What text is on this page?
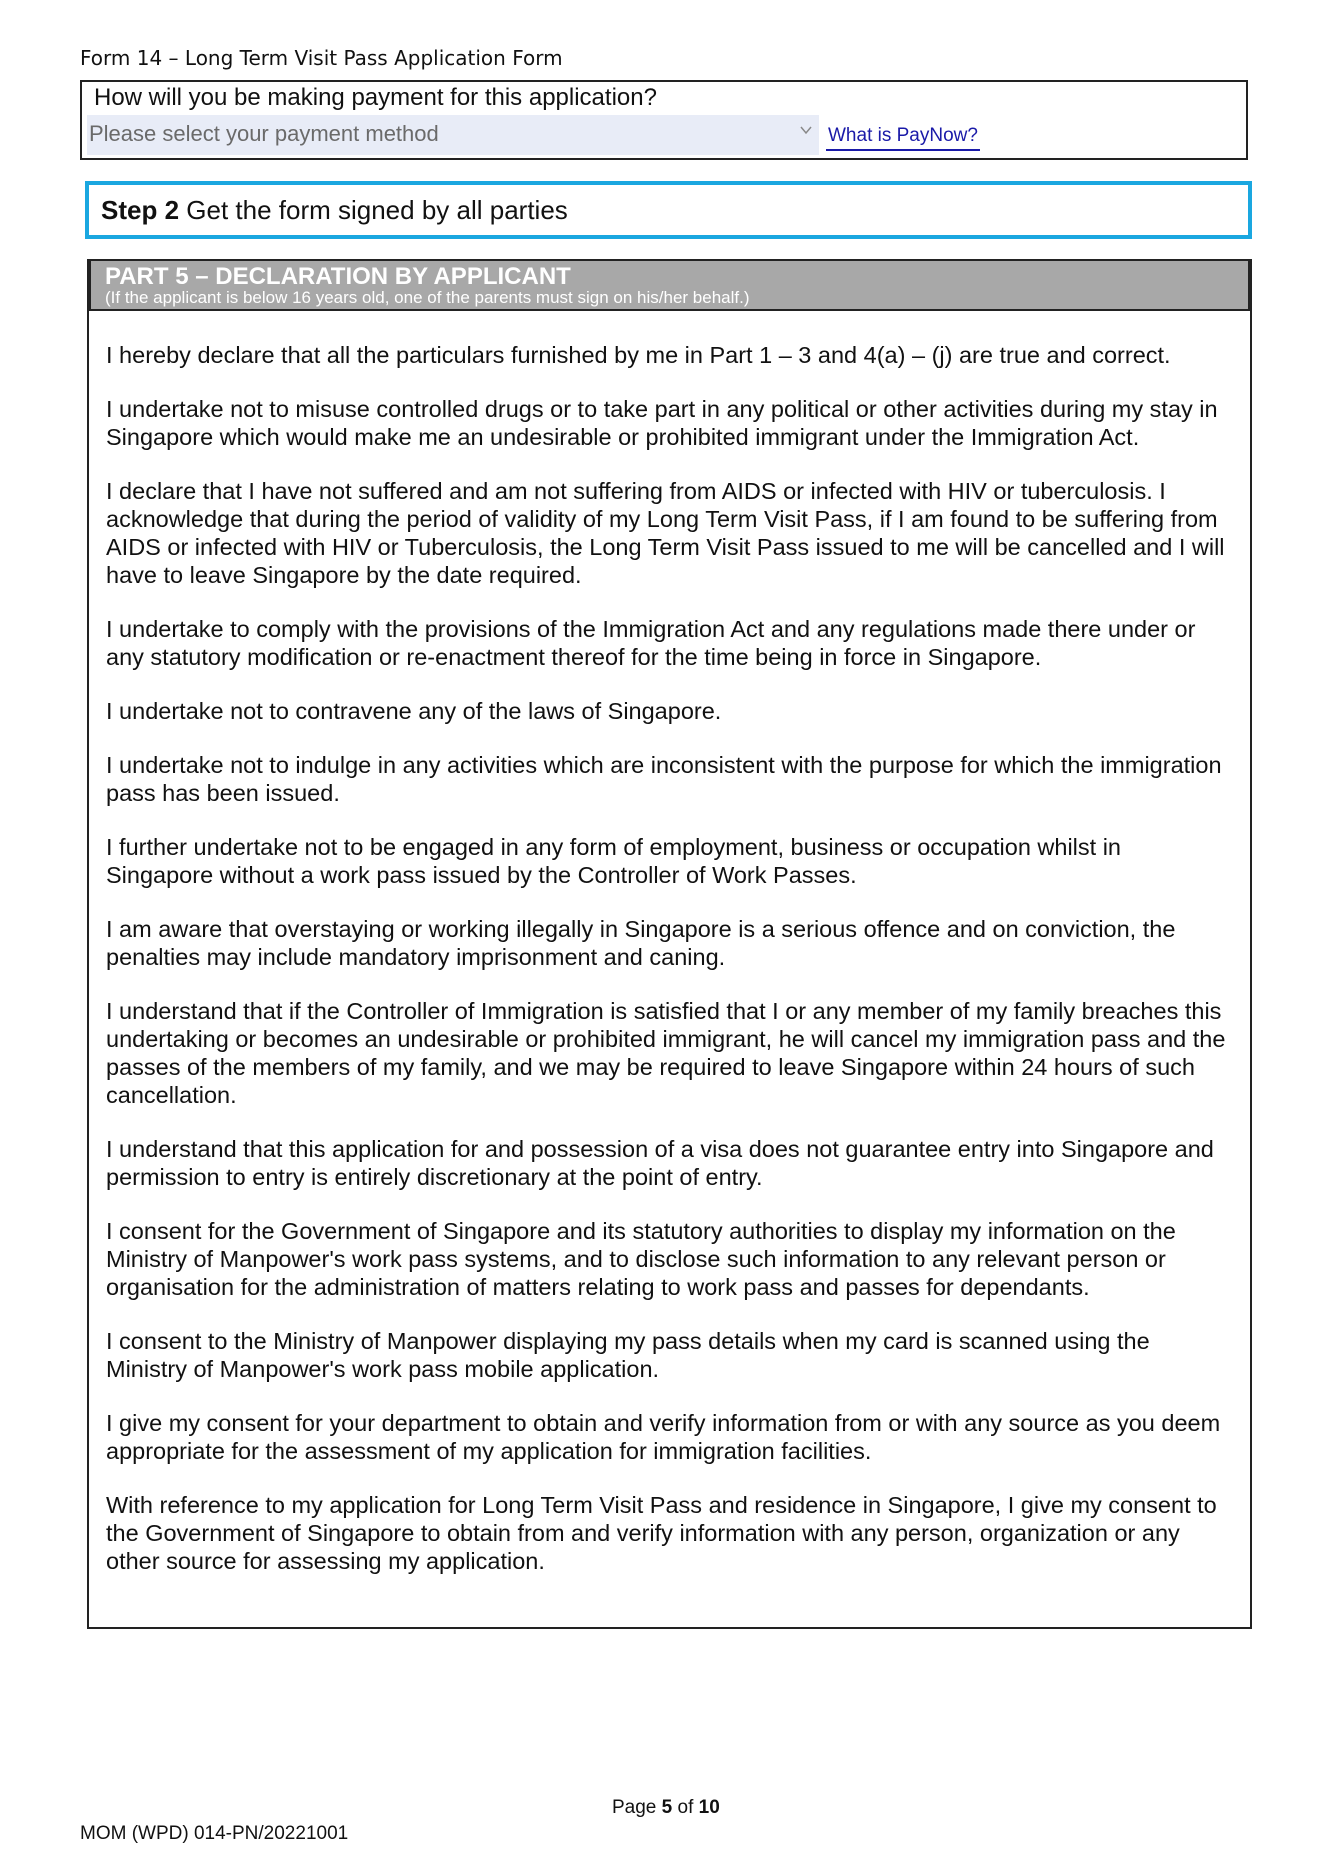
Form 14 – Long Term Visit Pass Application Form
How will you be making payment for this application?
Please select your payment method	What is PayNow?
Step 2 Get the form signed by all parties
PART 5 – DECLARATION BY APPLICANT
(If the applicant is below 16 years old, one of the parents must sign on his/her behalf.)

I hereby declare that all the particulars furnished by me in Part 1 – 3 and 4(a) – (j) are true and correct.

I undertake not to misuse controlled drugs or to take part in any political or other activities during my stay in Singapore which would make me an undesirable or prohibited immigrant under the Immigration Act.

I declare that I have not suffered and am not suffering from AIDS or infected with HIV or tuberculosis. I acknowledge that during the period of validity of my Long Term Visit Pass, if I am found to be suffering from AIDS or infected with HIV or Tuberculosis, the Long Term Visit Pass issued to me will be cancelled and I will have to leave Singapore by the date required.

I undertake to comply with the provisions of the Immigration Act and any regulations made there under or any statutory modification or re-enactment thereof for the time being in force in Singapore.

I undertake not to contravene any of the laws of Singapore.

I undertake not to indulge in any activities which are inconsistent with the purpose for which the immigration pass has been issued.

I further undertake not to be engaged in any form of employment, business or occupation whilst in Singapore without a work pass issued by the Controller of Work Passes.

I am aware that overstaying or working illegally in Singapore is a serious offence and on conviction, the penalties may include mandatory imprisonment and caning.

I understand that if the Controller of Immigration is satisfied that I or any member of my family breaches this undertaking or becomes an undesirable or prohibited immigrant, he will cancel my immigration pass and the passes of the members of my family, and we may be required to leave Singapore within 24 hours of such cancellation.

I understand that this application for and possession of a visa does not guarantee entry into Singapore and permission to entry is entirely discretionary at the point of entry.

I consent for the Government of Singapore and its statutory authorities to display my information on the Ministry of Manpower's work pass systems, and to disclose such information to any relevant person or organisation for the administration of matters relating to work pass and passes for dependants.

I consent to the Ministry of Manpower displaying my pass details when my card is scanned using the Ministry of Manpower's work pass mobile application.

I give my consent for your department to obtain and verify information from or with any source as you deem appropriate for the assessment of my application for immigration facilities.

With reference to my application for Long Term Visit Pass and residence in Singapore, I give my consent to the Government of Singapore to obtain from and verify information with any person, organization or any other source for assessing my application.

Page 5 of 10
MOM (WPD) 014-PN/20221001
